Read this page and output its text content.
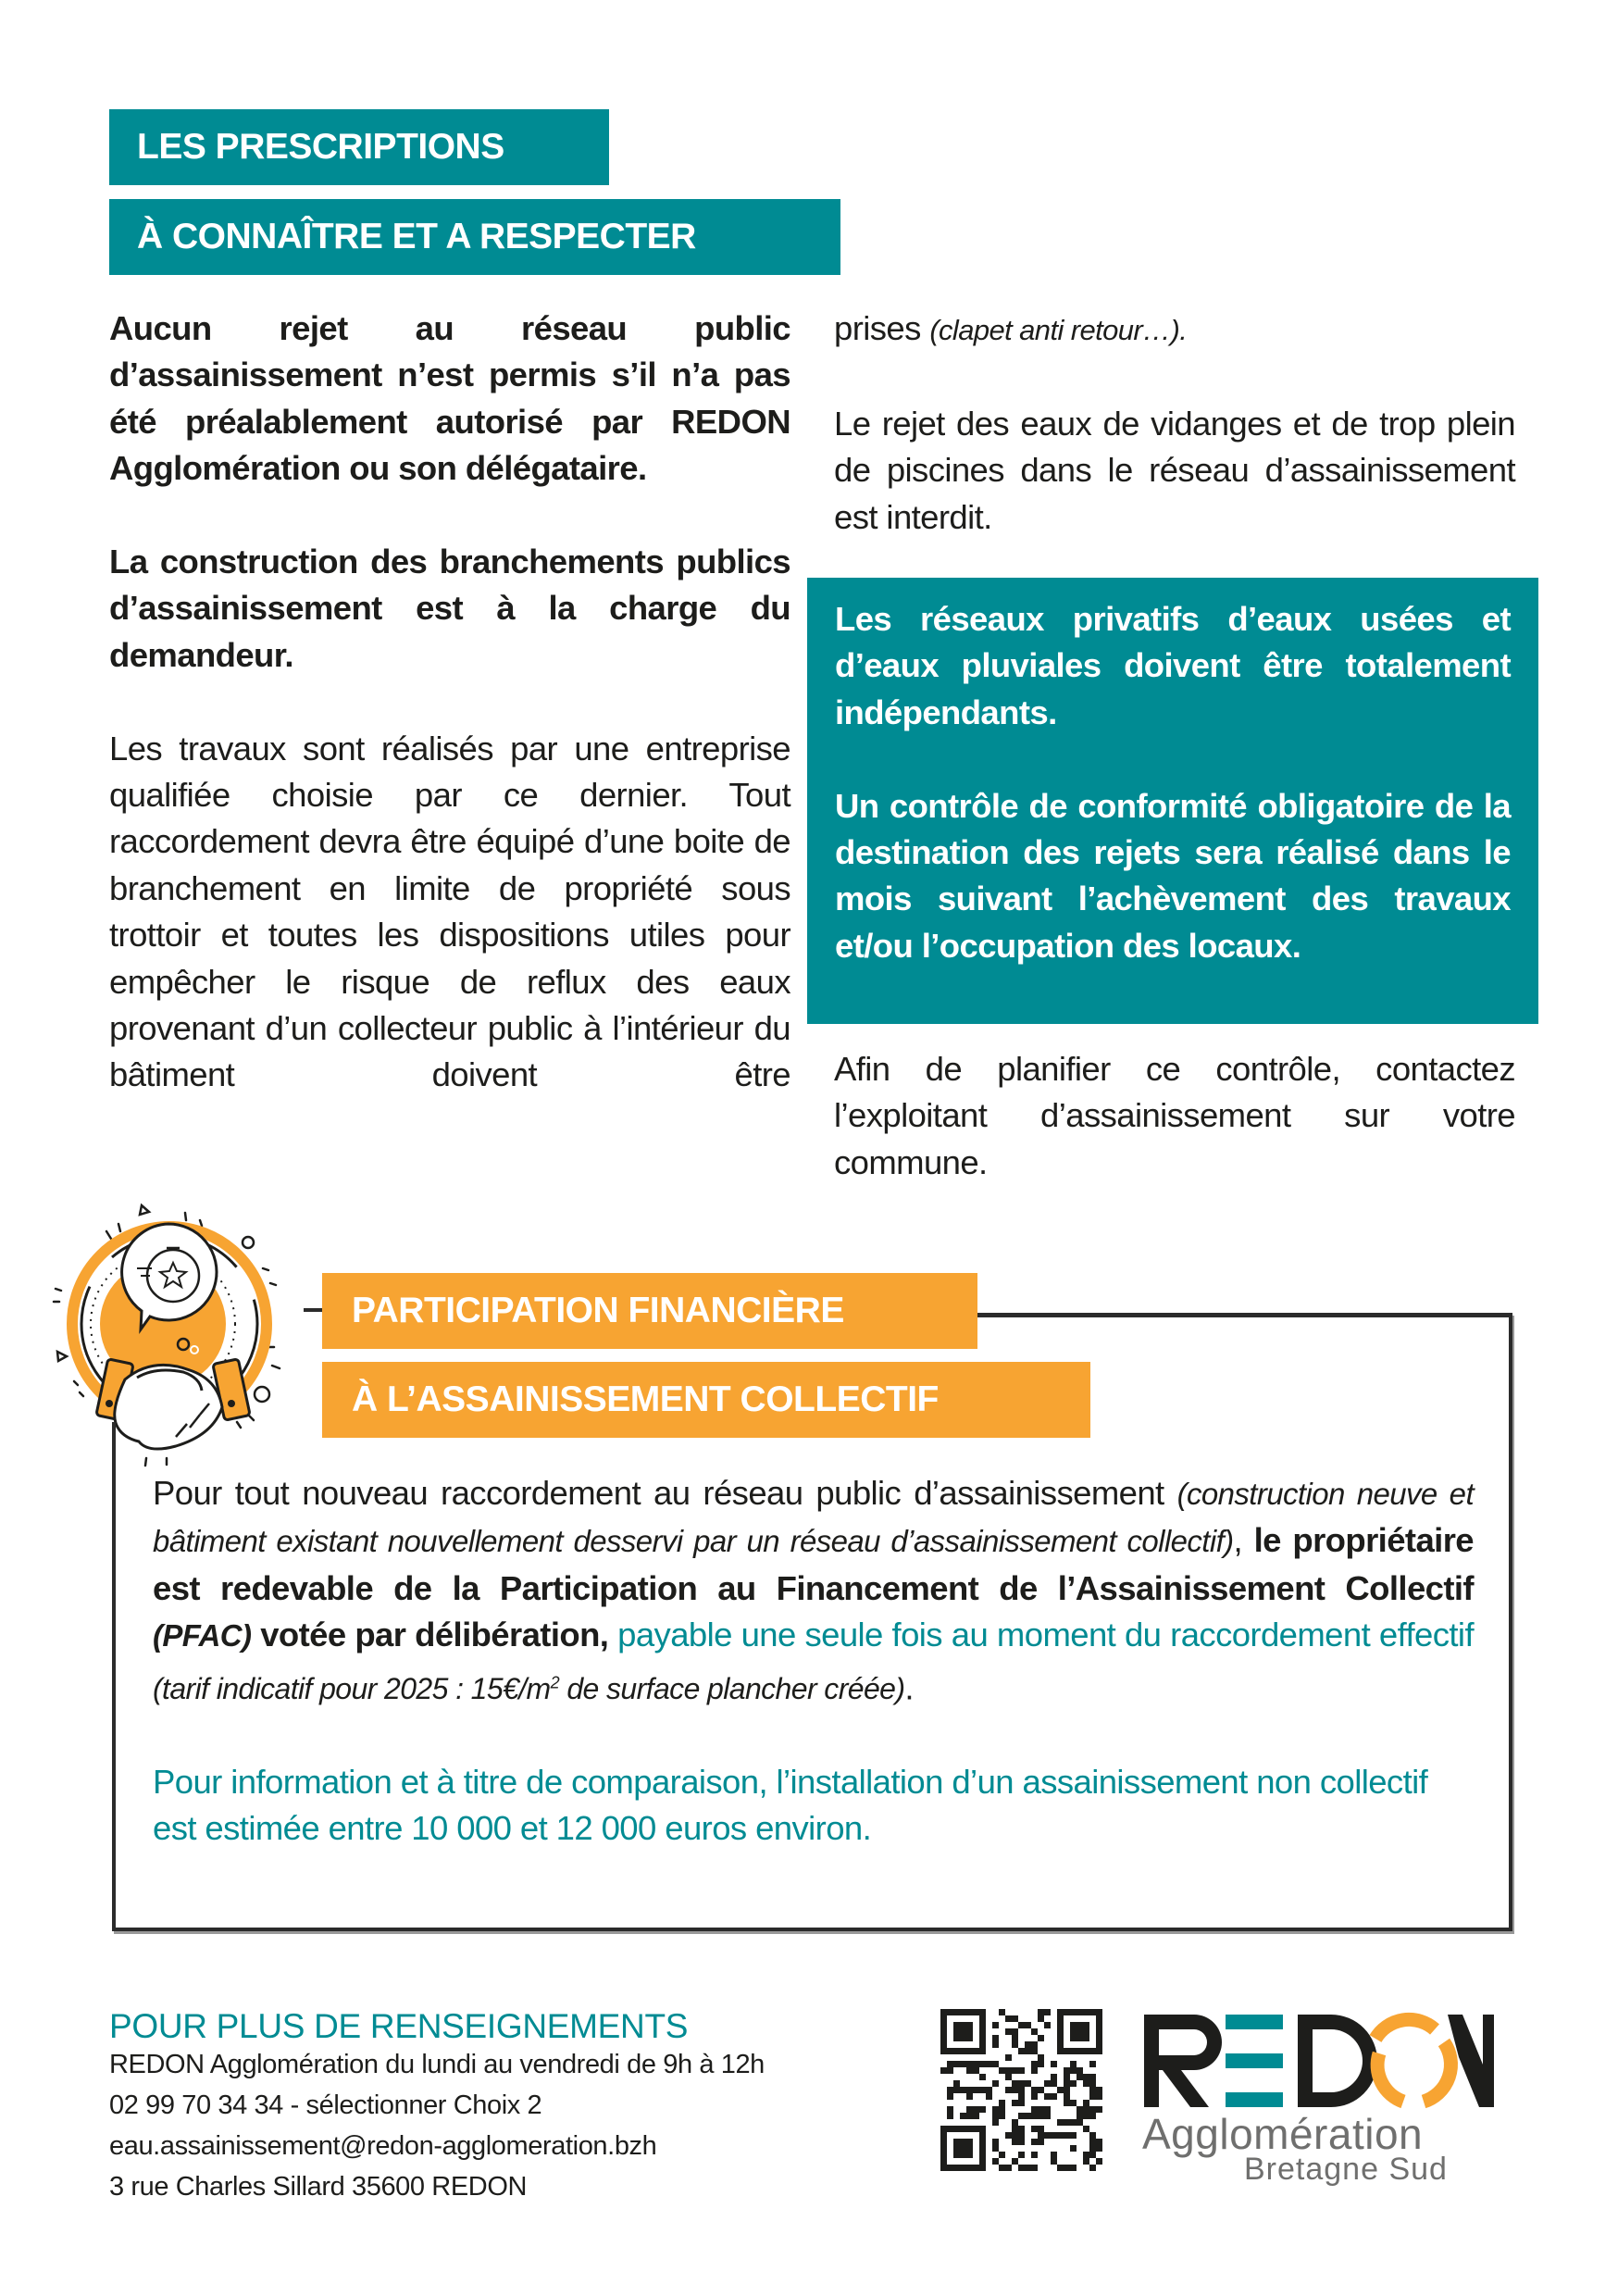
LES PRESCRIPTIONS
À CONNAÎTRE ET A RESPECTER

Aucun rejet au réseau public d’assainissement n’est permis s’il n’a pas été préalablement autorisé par REDON Agglomération ou son délégataire.

La construction des branchements publics d’assainissement est à la charge du demandeur.

Les travaux sont réalisés par une entreprise qualifiée choisie par ce dernier. Tout raccordement devra être équipé d’une boite de branchement en limite de propriété sous trottoir et toutes les dispositions utiles pour empêcher le risque de reflux des eaux provenant d’un collecteur public à l’intérieur du bâtiment doivent être

prises (clapet anti retour…).

Le rejet des eaux de vidanges et de trop plein de piscines dans le réseau d’assainissement est interdit.

Les réseaux privatifs d’eaux usées et d’eaux pluviales doivent être totalement indépendants.

Un contrôle de conformité obligatoire de la destination des rejets sera réalisé dans le mois suivant l’achèvement des travaux et/ou l’occupation des locaux.

Afin de planifier ce contrôle, contactez l’exploitant d’assainissement sur votre commune.

PARTICIPATION FINANCIÈRE
À L’ASSAINISSEMENT COLLECTIF

Pour tout nouveau raccordement au réseau public d’assainissement (construction neuve et bâtiment existant nouvellement desservi par un réseau d’assainissement collectif), le propriétaire est redevable de la Participation au Financement de l’Assainissement Collectif (PFAC) votée par délibération, payable une seule fois au moment du raccordement effectif (tarif indicatif pour 2025 : $15€/m^2$ de surface plancher créée).

Pour information et à titre de comparaison, l’installation d’un assainissement non collectif est estimée entre 10 000 et 12 000 euros environ.

POUR PLUS DE RENSEIGNEMENTS
REDON Agglomération du lundi au vendredi de 9h à 12h
02 99 70 34 34 - sélectionner Choix 2
eau.assainissement@redon-agglomeration.bzh
3 rue Charles Sillard 35600 REDON
Agglomération
Bretagne Sud
